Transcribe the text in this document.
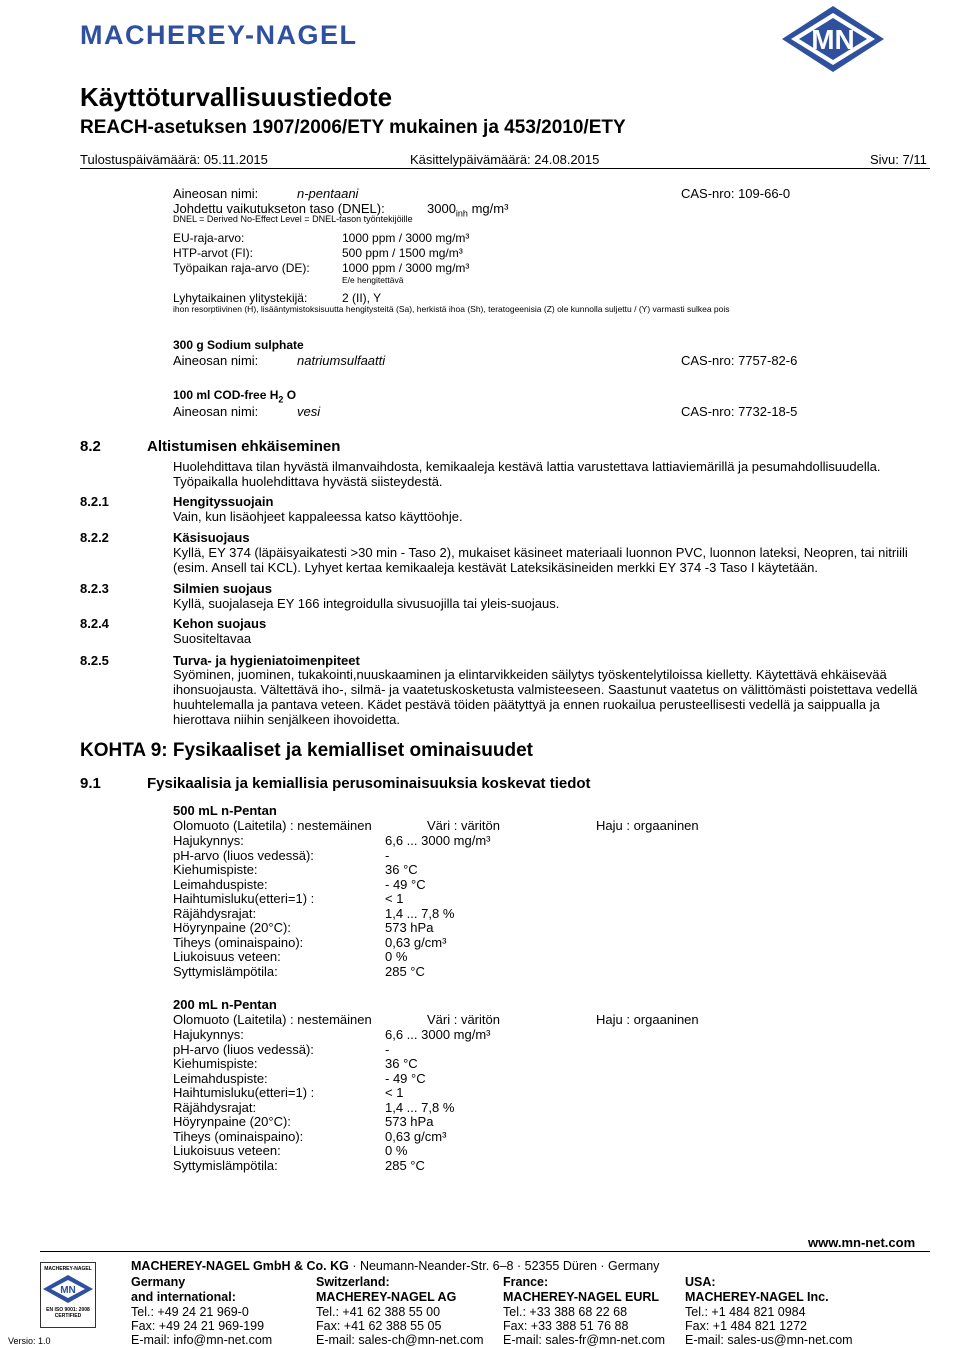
MACHEREY-NAGEL	MN
Käyttöturvallisuustiedote
REACH-asetuksen 1907/2006/ETY mukainen ja 453/2010/ETY
Tulostuspäivämäärä: 05.11.2015	Käsittelypäivämäärä: 24.08.2015	Sivu: 7/11
Aineosan nimi:	n-pentaani	CAS-nro: 109-66-0
Johdettu vaikutukseton taso (DNEL):	$3000_{inh}$ mg/m³
DNEL = Derived No-Effect Level = DNEL-tason työntekijöille
EU-raja-arvo:	1000 ppm / 3000 mg/m³
HTP-arvot (FI):	500 ppm / 1500 mg/m³
Työpaikan raja-arvo (DE):	1000 ppm / 3000 mg/m³
E/e hengitettävä
Lyhytaikainen ylitystekijä:	2 (II), Y
ihon resorptiivinen (H), lisääntymistoksisuutta hengitysteitä (Sa), herkistä ihoa (Sh), teratogeenisia (Z) ole kunnolla suljettu / (Y) varmasti sulkea pois
300 g Sodium sulphate
Aineosan nimi:	natriumsulfaatti	CAS-nro: 7757-82-6
100 ml COD-free $H_2$ O
Aineosan nimi:	vesi	CAS-nro: 7732-18-5
8.2	Altistumisen ehkäiseminen
Huolehdittava tilan hyvästä ilmanvaihdosta, kemikaaleja kestävä lattia varustettava lattiaviemärillä ja pesumahdollisuudella. Työpaikalla huolehdittava hyvästä siisteydestä.
8.2.1	Hengityssuojain
Vain, kun lisäohjeet kappaleessa katso käyttöohje.
8.2.2	Käsisuojaus
Kyllä, EY 374 (läpäisyaikatesti >30 min - Taso 2), mukaiset käsineet materiaali luonnon PVC, luonnon lateksi, Neopren, tai nitriili (esim. Ansell tai KCL). Lyhyet kertaa kemikaaleja kestävät Lateksikäsineiden merkki EY 374 -3 Taso I käytetään.
8.2.3	Silmien suojaus
Kyllä, suojalaseja EY 166 integroidulla sivusuojilla tai yleis-suojaus.
8.2.4	Kehon suojaus
Suositeltavaa
8.2.5	Turva- ja hygieniatoimenpiteet
Syöminen, juominen, tukakointi,nuuskaaminen ja elintarvikkeiden säilytys työskentelytiloissa kielletty. Käytettävä ehkäisevää ihonsuojausta. Vältettävä iho-, silmä- ja vaatetuskosketusta valmisteeseen. Saastunut vaatetus on välittömästi poistettava vedellä huuhtelemalla ja pantava veteen. Kädet pestävä töiden päätyttyä ja ennen ruokailua perusteellisesti vedellä ja saippualla ja hierottava niihin senjälkeen ihovoidetta.
KOHTA 9: Fysikaaliset ja kemialliset ominaisuudet
9.1	Fysikaalisia ja kemiallisia perusominaisuuksia koskevat tiedot
500 mL n-Pentan
Olomuoto (Laitetila) : nestemäinen	Väri : väritön	Haju : orgaaninen
Hajukynnys:	6,6 ... 3000 mg/m³
pH-arvo (liuos vedessä):	-
Kiehumispiste:	36 °C
Leimahduspiste:	- 49 °C
Haihtumisluku(etteri=1) :	< 1
Räjähdysrajat:	1,4 ... 7,8 %
Höyrynpaine (20°C):	573 hPa
Tiheys (ominaispaino):	0,63 g/cm³
Liukoisuus veteen:	0 %
Syttymislämpötila:	285 °C
200 mL n-Pentan
Olomuoto (Laitetila) : nestemäinen	Väri : väritön	Haju : orgaaninen
Hajukynnys:	6,6 ... 3000 mg/m³
pH-arvo (liuos vedessä):	-
Kiehumispiste:	36 °C
Leimahduspiste:	- 49 °C
Haihtumisluku(etteri=1) :	< 1
Räjähdysrajat:	1,4 ... 7,8 %
Höyrynpaine (20°C):	573 hPa
Tiheys (ominaispaino):	0,63 g/cm³
Liukoisuus veteen:	0 %
Syttymislämpötila:	285 °C
www.mn-net.com
MACHEREY-NAGEL GmbH & Co. KG · Neumann-Neander-Str. 6–8 · 52355 Düren · Germany
MACHEREY-NAGEL
MN
EN ISO 9001: 2008 CERTIFIED
Versio: 1.0
Germany
and international:
Tel.: +49 24 21 969-0
Fax: +49 24 21 969-199
E-mail: info@mn-net.com
Switzerland:
MACHEREY-NAGEL AG
Tel.: +41 62 388 55 00
Fax: +41 62 388 55 05
E-mail: sales-ch@mn-net.com
France:
MACHEREY-NAGEL EURL
Tel.: +33 388 68 22 68
Fax: +33 388 51 76 88
E-mail: sales-fr@mn-net.com
USA:
MACHEREY-NAGEL Inc.
Tel.: +1 484 821 0984
Fax: +1 484 821 1272
E-mail: sales-us@mn-net.com
